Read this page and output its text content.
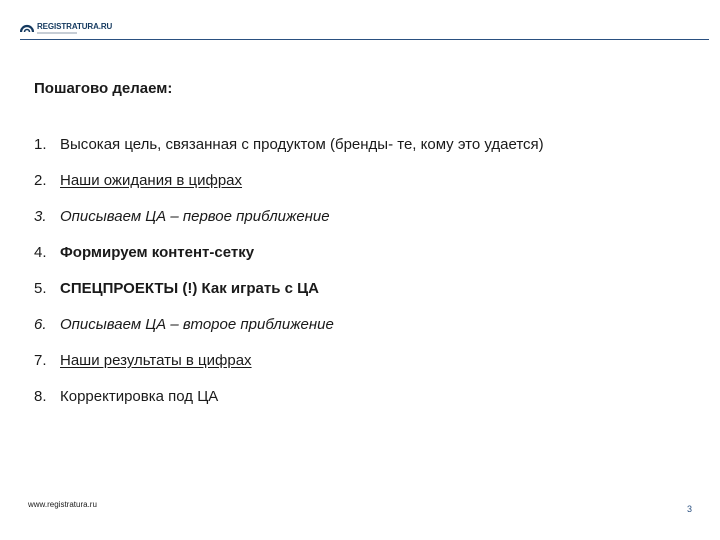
REGISTRATURA.RU
Пошагово делаем:
1. Высокая цель, связанная с продуктом (бренды- те, кому это удается)
2. Наши ожидания в цифрах
3. Описываем ЦА – первое приближение
4. Формируем контент-сетку
5. СПЕЦПРОЕКТЫ (!) Как играть с ЦА
6. Описываем ЦА – второе приближение
7. Наши результаты в цифрах
8. Корректировка под ЦА
www.registratura.ru	3
